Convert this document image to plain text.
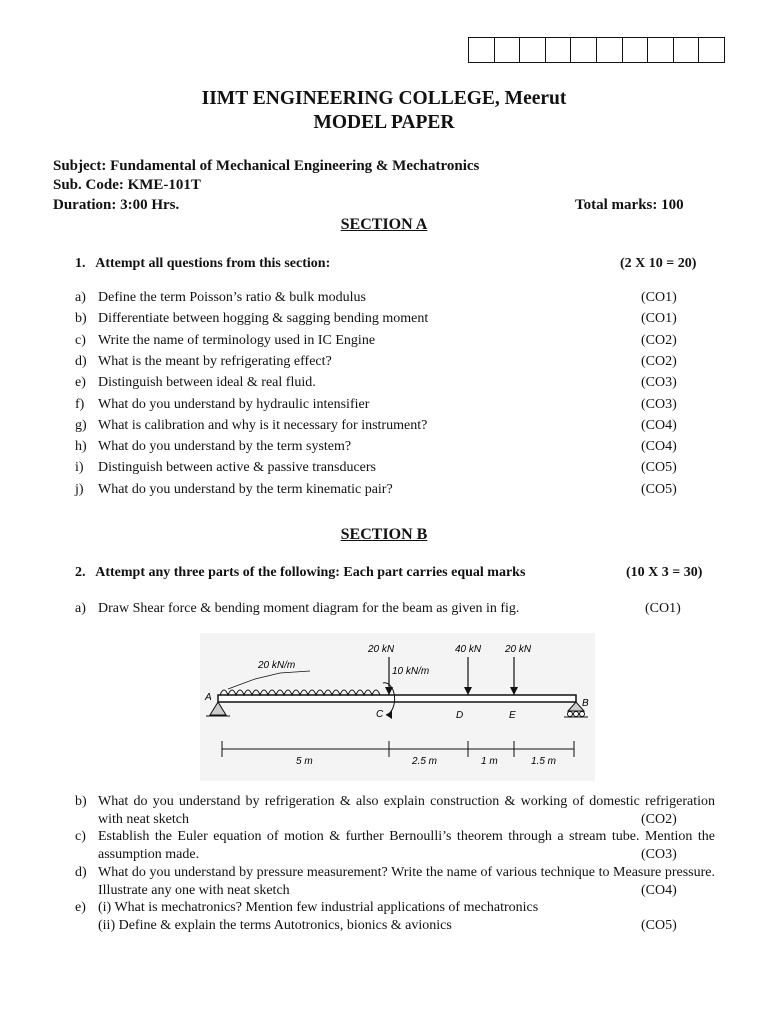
IIMT ENGINEERING COLLEGE, Meerut
MODEL PAPER
Subject: Fundamental of Mechanical Engineering & Mechatronics
Sub. Code: KME-101T
Duration: 3:00 Hrs.	Total marks: 100
SECTION A
1.   Attempt all questions from this section:	(2 X 10 = 20)
a) Define the term Poisson’s ratio & bulk modulus	(CO1)
b) Differentiate between hogging & sagging bending moment	(CO1)
c) Write the name of terminology used in IC Engine	(CO2)
d) What is the meant by refrigerating effect?	(CO2)
e) Distinguish between ideal & real fluid.	(CO3)
f) What do you understand by hydraulic intensifier	(CO3)
g) What is calibration and why is it necessary for instrument?	(CO4)
h) What do you understand by the term system?	(CO4)
i) Distinguish between active & passive transducers	(CO5)
j) What do you understand by the term kinematic pair?	(CO5)
SECTION B
2.   Attempt any three parts of the following: Each part carries equal marks	(10 X 3 = 30)
a) Draw Shear force & bending moment diagram for the beam as given in fig.	(CO1)
20 kN/m
20 kN
10 kN/m
40 kN 20 kN
A
B
C	D	E
5 m	2.5 m	1 m	1.5 m
b) What do you understand by refrigeration & also explain construction & working of domestic refrigeration with neat sketch	(CO2)
c) Establish the Euler equation of motion & further Bernoulli’s theorem through a stream tube. Mention the assumption made.	(CO3)
d) What do you understand by pressure measurement? Write the name of various technique to Measure pressure. Illustrate any one with neat sketch	(CO4)
e) (i) What is mechatronics? Mention few industrial applications of mechatronics
(ii) Define & explain the terms Autotronics, bionics & avionics	(CO5)
